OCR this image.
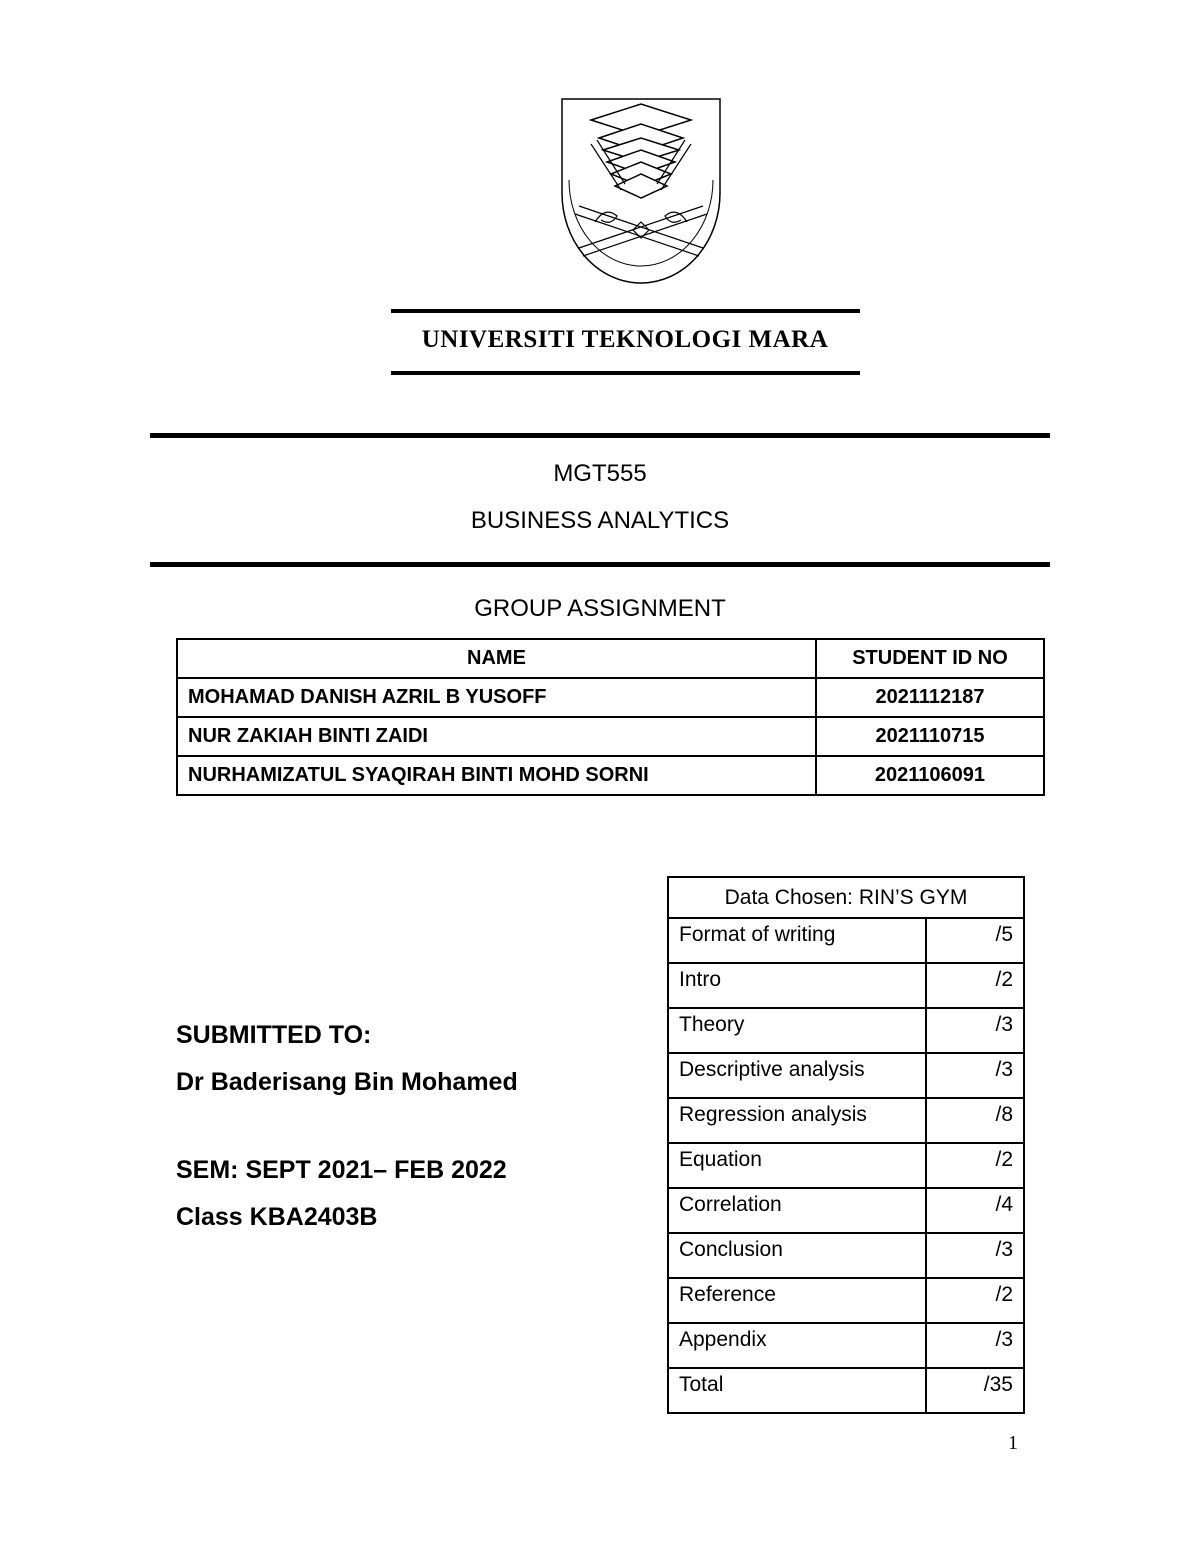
UNIVERSITI TEKNOLOGI MARA
MGT555
BUSINESS ANALYTICS
GROUP ASSIGNMENT
NAME	STUDENT ID NO
MOHAMAD DANISH AZRIL B YUSOFF	2021112187
NUR ZAKIAH BINTI ZAIDI	2021110715
NURHAMIZATUL SYAQIRAH BINTI MOHD SORNI	2021106091
Data Chosen: RIN’S GYM	
Format of writing	/5
Intro	/2
Theory	/3
Descriptive analysis	/3
Regression analysis	/8
Equation	/2
Correlation	/4
Conclusion	/3
Reference	/2
Appendix	/3
Total	/35
SUBMITTED TO:
Dr Baderisang Bin Mohamed
SEM: SEPT 2021– FEB 2022
Class KBA2403B
1
